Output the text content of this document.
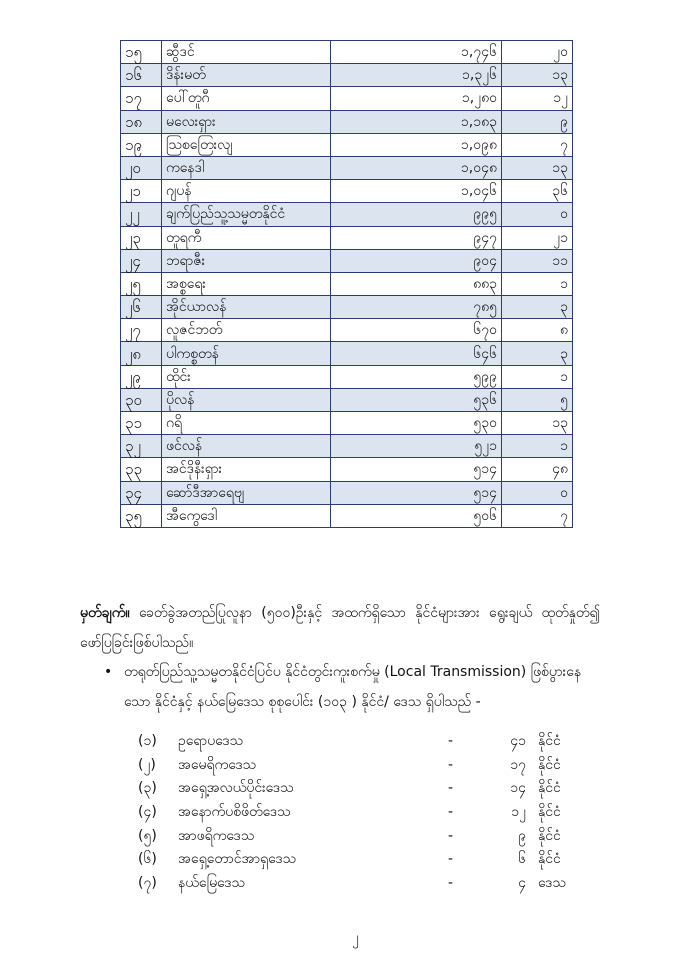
၁၅	ဆွီဒင်	၁,၇၄၆	၂၀
၁၆	ဒိန်းမတ်	၁,၃၂၆	၁၃
၁၇	ပေါ်တူဂီ	၁,၂၈၀	၁၂
၁၈	မလေးရှား	၁,၁၈၃	၉
၁၉	သြစတြေးလျ	၁,၀၉၈	၇
၂၀	ကနေဒါ	၁,၀၄၈	၁၃
၂၁	ဂျပန်	၁,၀၄၆	၃၆
၂၂	ချက်ပြည်သူ့သမ္မတနိုင်ငံ	၉၉၅	၀
၂၃	တူရကီ	၉၄၇	၂၁
၂၄	ဘရာဇီး	၉၀၄	၁၁
၂၅	အစ္စရေး	၈၈၃	၁
၂၆	အိုင်ယာလန်	၇၈၅	၃
၂၇	လူဇင်ဘတ်	၆၇၀	၈
၂၈	ပါကစ္စတန်	၆၄၆	၃
၂၉	ထိုင်း	၅၉၉	၁
၃၀	ပိုလန်	၅၃၆	၅
၃၁	ဂရိ	၅၃၀	၁၃
၃၂	ဖင်လန်	၅၂၁	၁
၃၃	အင်ဒိုနီးရှား	၅၁၄	၄၈
၃၄	ဆော်ဒီအာရေဗျ	၅၁၄	၀
၃၅	အီကွေဒေါ	၅၀၆	၇
မှတ်ချက်။ ခေတ်ခွဲအတည်ပြုလူနာ (၅၀၀)ဦးနှင့် အထက်ရှိသော နိုင်ငံများအား ရွေးချယ် ထုတ်နှုတ်၍ ဖော်ပြခြင်းဖြစ်ပါသည်။
• တရုတ်ပြည်သူ့သမ္မတနိုင်ငံပြင်ပ နိုင်ငံတွင်းကူးစက်မှု (Local Transmission) ဖြစ်ပွားနေသော နိုင်ငံနှင့် နယ်မြေဒေသ စုစုပေါင်း (၁၀၃ ) နိုင်ငံ/ ဒေသ ရှိပါသည် -
(၁) ဥရောပဒေသ	-	၄၁ နိုင်ငံ
(၂) အမေရိကဒေသ	-	၁၇ နိုင်ငံ
(၃) အရှေ့အလယ်ပိုင်းဒေသ	-	၁၄ နိုင်ငံ
(၄) အနောက်ပစိဖိတ်ဒေသ	-	၁၂ နိုင်ငံ
(၅) အာဖရိကဒေသ	-	၉ နိုင်ငံ
(၆) အရှေ့တောင်အာရှဒေသ	-	၆ နိုင်ငံ
(၇) နယ်မြေဒေသ	-	၄ ဒေသ
၂
